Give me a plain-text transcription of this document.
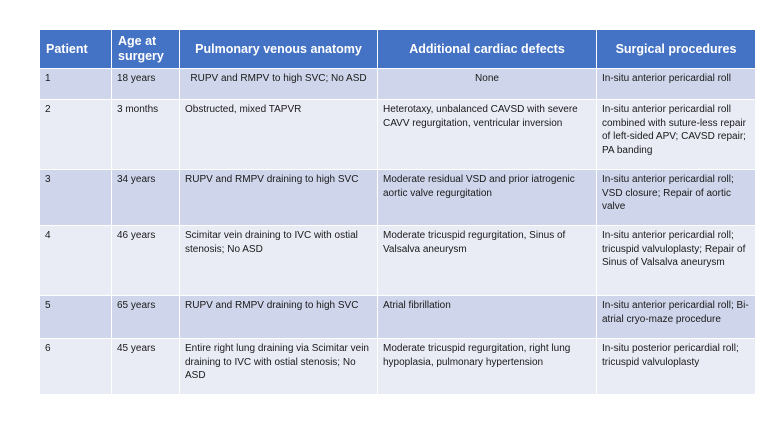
Patient	Age at surgery	Pulmonary venous anatomy	Additional cardiac defects	Surgical procedures
1	18 years	RUPV and RMPV to high SVC; No ASD	None	In-situ anterior pericardial roll
2	3 months	Obstructed, mixed TAPVR	Heterotaxy, unbalanced CAVSD with severe CAVV regurgitation, ventricular inversion	In-situ anterior pericardial roll combined with suture-less repair of left-sided APV; CAVSD repair; PA banding
3	34 years	RUPV and RMPV draining to high SVC	Moderate residual VSD and prior iatrogenic aortic valve regurgitation	In-situ anterior pericardial roll; VSD closure; Repair of aortic valve
4	46 years	Scimitar vein draining to IVC with ostial stenosis; No ASD	Moderate tricuspid regurgitation, Sinus of Valsalva aneurysm	In-situ anterior pericardial roll; tricuspid valvuloplasty; Repair of Sinus of Valsalva aneurysm
5	65 years	RUPV and RMPV draining to high SVC	Atrial fibrillation	In-situ anterior pericardial roll; Bi-atrial cryo-maze procedure
6	45 years	Entire right lung draining via Scimitar vein draining to IVC with ostial stenosis; No ASD	Moderate tricuspid regurgitation, right lung hypoplasia, pulmonary hypertension	In-situ posterior pericardial roll; tricuspid valvuloplasty
